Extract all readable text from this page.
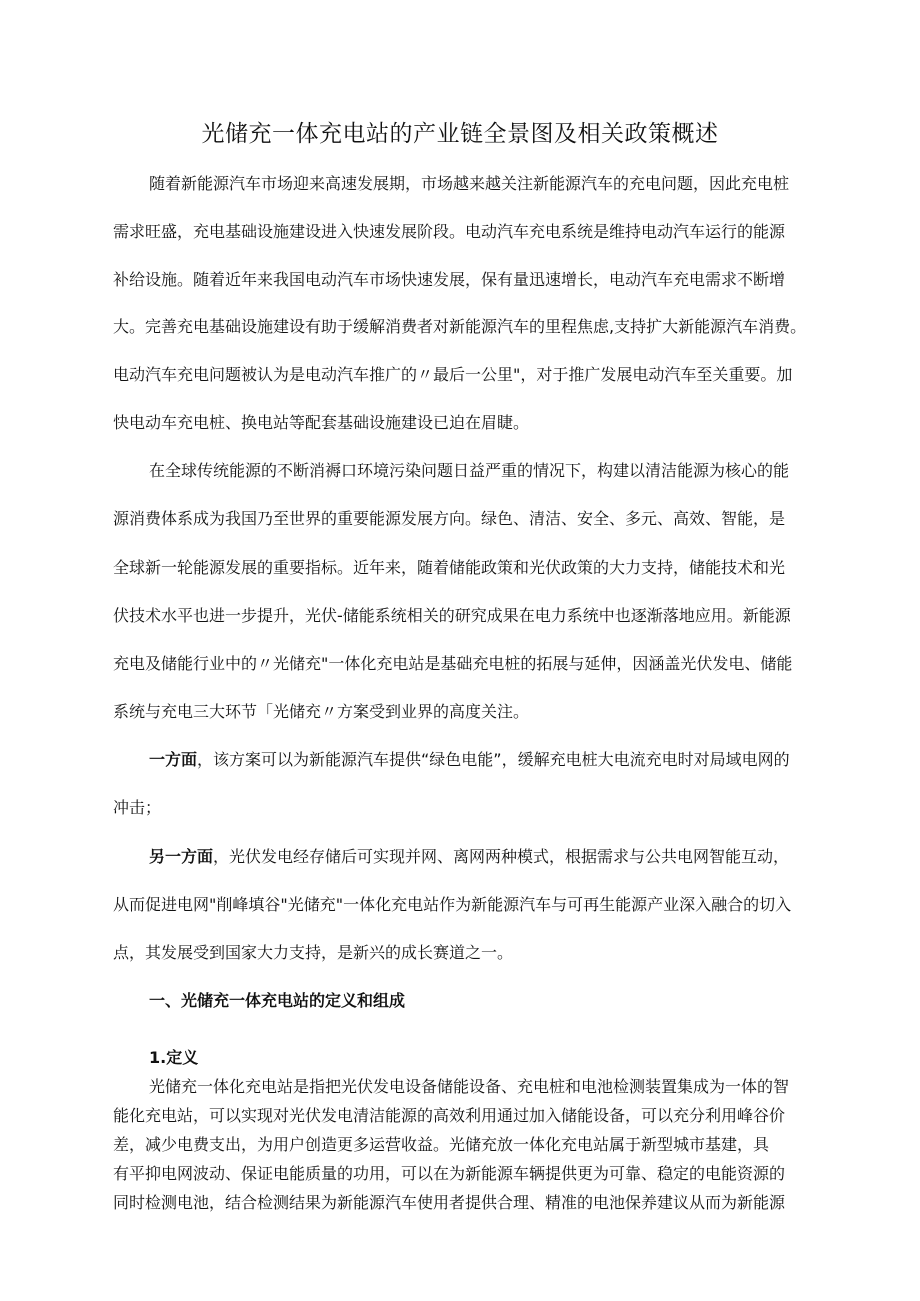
光储充一体充电站的产业链全景图及相关政策概述
随着新能源汽车市场迎来高速发展期，市场越来越关注新能源汽车的充电问题，因此充电桩
需求旺盛，充电基础设施建设进入快速发展阶段。电动汽车充电系统是维持电动汽车运行的能源
补给设施。随着近年来我国电动汽车市场快速发展，保有量迅速增长，电动汽车充电需求不断增
大。完善充电基础设施建设有助于缓解消费者对新能源汽车的里程焦虑,支持扩大新能源汽车消费。
电动汽车充电问题被认为是电动汽车推广的〃最后一公里"，对于推广发展电动汽车至关重要。加
快电动车充电桩、换电站等配套基础设施建设已迫在眉睫。
在全球传统能源的不断消褥口环境污染问题日益严重的情况下，构建以清洁能源为核心的能
源消费体系成为我国乃至世界的重要能源发展方向。绿色、清洁、安全、多元、高效、智能，是
全球新一轮能源发展的重要指标。近年来，随着储能政策和光伏政策的大力支持，储能技术和光
伏技术水平也进一步提升，光伏-储能系统相关的研究成果在电力系统中也逐渐落地应用。新能源
充电及储能行业中的〃光储充"一体化充电站是基础充电桩的拓展与延伸，因涵盖光伏发电、储能
系统与充电三大环节「光储充〃方案受到业界的高度关注。
一方面，该方案可以为新能源汽车提供“绿色电能”，缓解充电桩大电流充电时对局域电网的
冲击；
另一方面，光伏发电经存储后可实现并网、离网两种模式，根据需求与公共电网智能互动，
从而促进电网"削峰填谷"光储充"一体化充电站作为新能源汽车与可再生能源产业深入融合的切入
点，其发展受到国家大力支持，是新兴的成长赛道之一。
一、光储充一体充电站的定义和组成
1.定义
光储充一体化充电站是指把光伏发电设备储能设备、充电桩和电池检测装置集成为一体的智
能化充电站，可以实现对光伏发电清洁能源的高效利用通过加入储能设备，可以充分利用峰谷价
差，减少电费支出，为用户创造更多运营收益。光储充放一体化充电站属于新型城市基建，具
有平抑电网波动、保证电能质量的功用，可以在为新能源车辆提供更为可靠、稳定的电能资源的
同时检测电池，结合检测结果为新能源汽车使用者提供合理、精准的电池保养建议从而为新能源
